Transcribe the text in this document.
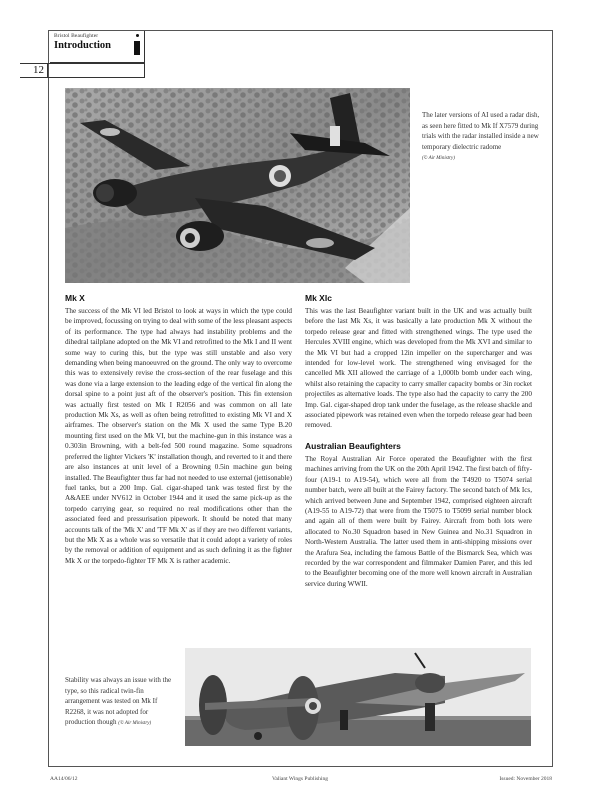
Bristol Beaufighter
Introduction
12
The later versions of AI used a radar dish, as seen here fitted to Mk If X7579 during trials with the radar installed inside a new temporary dielectric radome
(© Air Ministry)
Mk X

The success of the Mk VI led Bristol to look at ways in which the type could be improved, focussing on trying to deal with some of the less pleasant aspects of its performance. The type had always had instability problems and the dihedral tailplane adopted on the Mk VI and retrofitted to the Mk I and II went some way to curing this, but the type was still unstable and also very demanding when being manoeuvred on the ground. The only way to overcome this was to extensively revise the cross-section of the rear fuselage and this was done via a large extension to the leading edge of the vertical fin along the dorsal spine to a point just aft of the observer's position. This fin extension was actually first tested on Mk I R2056 and was common on all late production Mk Xs, as well as often being retrofitted to existing Mk VI and X airframes. The observer's station on the Mk X used the same Type B.20 mounting first used on the Mk VI, but the machine-gun in this instance was a 0.303in Browning, with a belt-fed 500 round magazine. Some squadrons preferred the lighter Vickers 'K' installation though, and reverted to it and there are also instances at unit level of a Browning 0.5in machine gun being installed. The Beaufighter thus far had not needed to use external (jettisonable) fuel tanks, but a 200 Imp. Gal. cigar-shaped tank was tested first by the A&AEE under NV612 in October 1944 and it used the same pick-up as the torpedo carrying gear, so required no real modifications other than the associated feed and pressurisation pipework. It should be noted that many accounts talk of the 'Mk X' and 'TF Mk X' as if they are two different variants, but the Mk X as a whole was so versatile that it could adopt a variety of roles by the removal or addition of equipment and as such defining it as the fighter Mk X or the torpedo-fighter TF Mk X is rather academic.

Mk XIc

This was the last Beaufighter variant built in the UK and was actually built before the last Mk Xs, it was basically a late production Mk X without the torpedo release gear and fitted with strengthened wings. The type used the Hercules XVIII engine, which was developed from the Mk XVI and similar to the Mk VI but had a cropped 12in impeller on the supercharger and was intended for low-level work. The strengthened wing envisaged for the cancelled Mk XII allowed the carriage of a 1,000lb bomb under each wing, whilst also retaining the capacity to carry smaller capacity bombs or 3in rocket projectiles as alternative loads. The type also had the capacity to carry the 200 Imp. Gal. cigar-shaped drop tank under the fuselage, as the release shackle and associated pipework was retained even when the torpedo release gear had been removed.

Australian Beaufighters

The Royal Australian Air Force operated the Beaufighter with the first machines arriving from the UK on the 20th April 1942. The first batch of fifty-four (A19-1 to A19-54), which were all from the T4920 to T5074 serial number batch, were all built at the Fairey factory. The second batch of Mk Ics, which arrived between June and September 1942, comprised eighteen aircraft (A19-55 to A19-72) that were from the T5075 to T5099 serial number block and again all of them were built by Fairey. Aircraft from both lots were allocated to No.30 Squadron based in New Guinea and No.31 Squadron in North-Western Australia. The latter used them in anti-shipping missions over the Arafura Sea, including the famous Battle of the Bismarck Sea, which was recorded by the war correspondent and filmmaker Damien Parer, and this led to the Beaufighter becoming one of the more well known aircraft in Australian service during WWII.

Stability was always an issue with the type, so this radical twin-fin arrangement was tested on Mk If R2268, it was not adopted for production though (© Air Ministry)
AA14/06/12	Valiant Wings Publishing	Issued: November 2018
